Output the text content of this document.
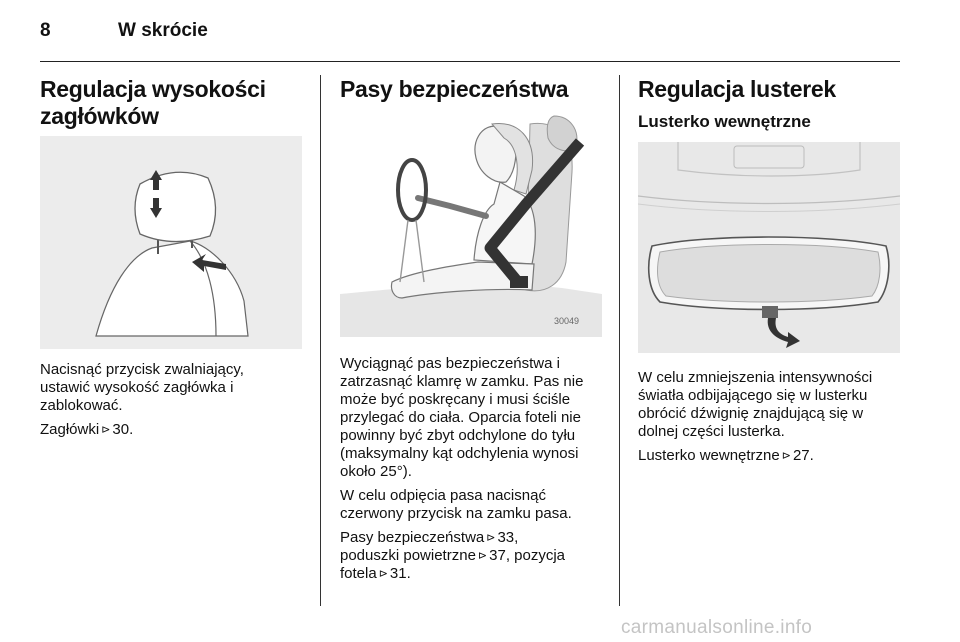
8	W skrócie
Regulacja wysokości zagłówków

Nacisnąć przycisk zwalniający, ustawić wysokość zagłówka i zablokować.

Zagłówki ⊳ 30.

Pasy bezpieczeństwa
30049

Wyciągnąć pas bezpieczeństwa i zatrzasnąć klamrę w zamku. Pas nie może być poskręcany i musi ściśle przylegać do ciała. Oparcia foteli nie powinny być zbyt odchylone do tyłu (maksymalny kąt odchylenia wynosi około 25°).

W celu odpięcia pasa nacisnąć czerwony przycisk na zamku pasa.

Pasy bezpieczeństwa ⊳ 33,
poduszki powietrzne ⊳ 37, pozycja
fotela ⊳ 31.

Regulacja lusterek
Lusterko wewnętrzne

W celu zmniejszenia intensywności światła odbijającego się w lusterku obrócić dźwignię znajdującą się w dolnej części lusterka.

Lusterko wewnętrzne ⊳ 27.

carmanualsonline.info
